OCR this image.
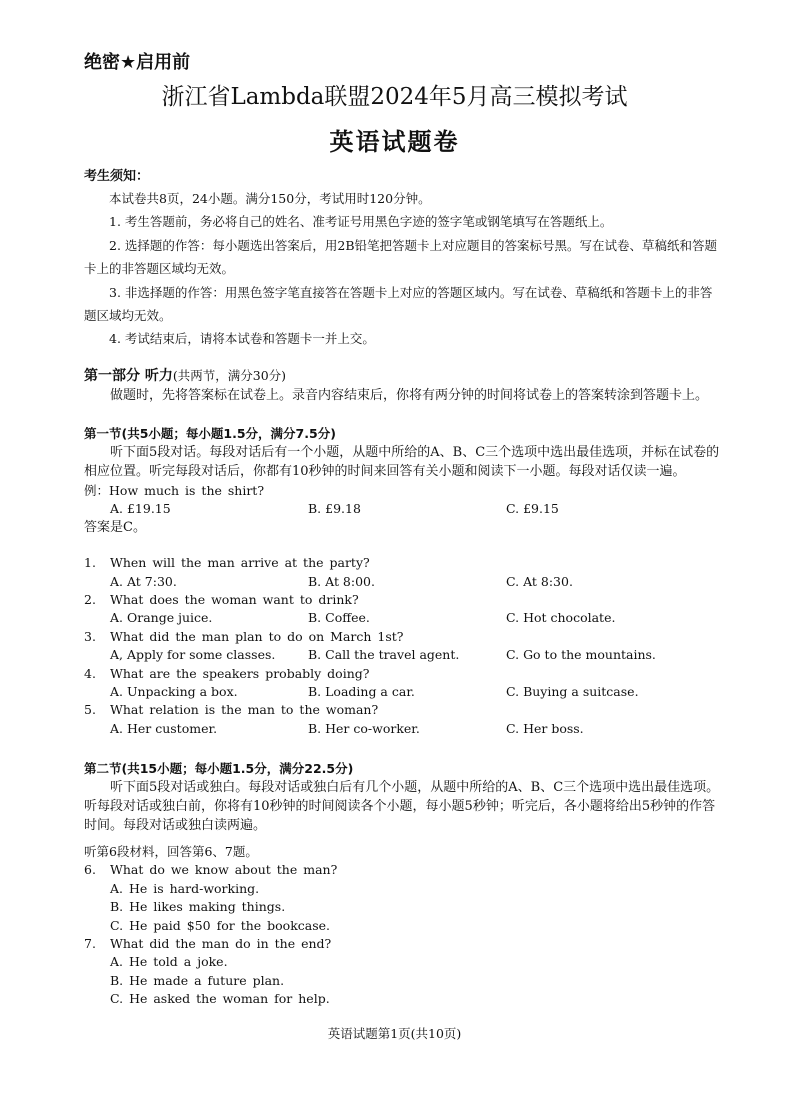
绝密★启用前
浙江省Lambda联盟2024年5月高三模拟考试
英语试题卷
考生须知：

本试卷共8页，24小题。满分150分，考试用时120分钟。

1. 考生答题前，务必将自己的姓名、准考证号用黑色字迹的签字笔或钢笔填写在答题纸上。

2. 选择题的作答：每小题选出答案后，用2B铅笔把答题卡上对应题目的答案标号黑。写在试卷、草稿纸和答题卡上的非答题区域均无效。

3. 非选择题的作答：用黑色签字笔直接答在答题卡上对应的答题区域内。写在试卷、草稿纸和答题卡上的非答题区域均无效。

4. 考试结束后，请将本试卷和答题卡一并上交。

第一部分 听力(共两节，满分30分)

做题时，先将答案标在试卷上。录音内容结束后，你将有两分钟的时间将试卷上的答案转涂到答题卡上。

第一节(共5小题；每小题1.5分，满分7.5分)

听下面5段对话。每段对话后有一个小题，从题中所给的A、B、C三个选项中选出最佳选项，并标在试卷的相应位置。听完每段对话后，你都有10秒钟的时间来回答有关小题和阅读下一小题。每段对话仅读一遍。

例：How much is the shirt?
A. £19.15	B. £9.18	C. £9.15
答案是C。
1. When will the man arrive at the party?
A. At 7:30.	B. At 8:00.	C. At 8:30.
2. What does the woman want to drink?
A. Orange juice.	B. Coffee.	C. Hot chocolate.
3. What did the man plan to do on March 1st?
A, Apply for some classes.	B. Call the travel agent.	C. Go to the mountains.
4. What are the speakers probably doing?
A. Unpacking a box.	B. Loading a car.	C. Buying a suitcase.
5. What relation is the man to the woman?
A. Her customer.	B. Her co-worker.	C. Her boss.
第二节(共15小题；每小题1.5分，满分22.5分)

听下面5段对话或独白。每段对话或独白后有几个小题，从题中所给的A、B、C三个选项中选出最佳选项。听每段对话或独白前，你将有10秒钟的时间阅读各个小题，每小题5秒钟；听完后，各小题将给出5秒钟的作答时间。每段对话或独白读两遍。

听第6段材料，回答第6、7题。
6. What do we know about the man?
A. He is hard-working.
B. He likes making things.
C. He paid $50 for the bookcase.
7. What did the man do in the end?
A. He told a joke.
B. He made a future plan.
C. He asked the woman for help.
英语试题第1页(共10页)
